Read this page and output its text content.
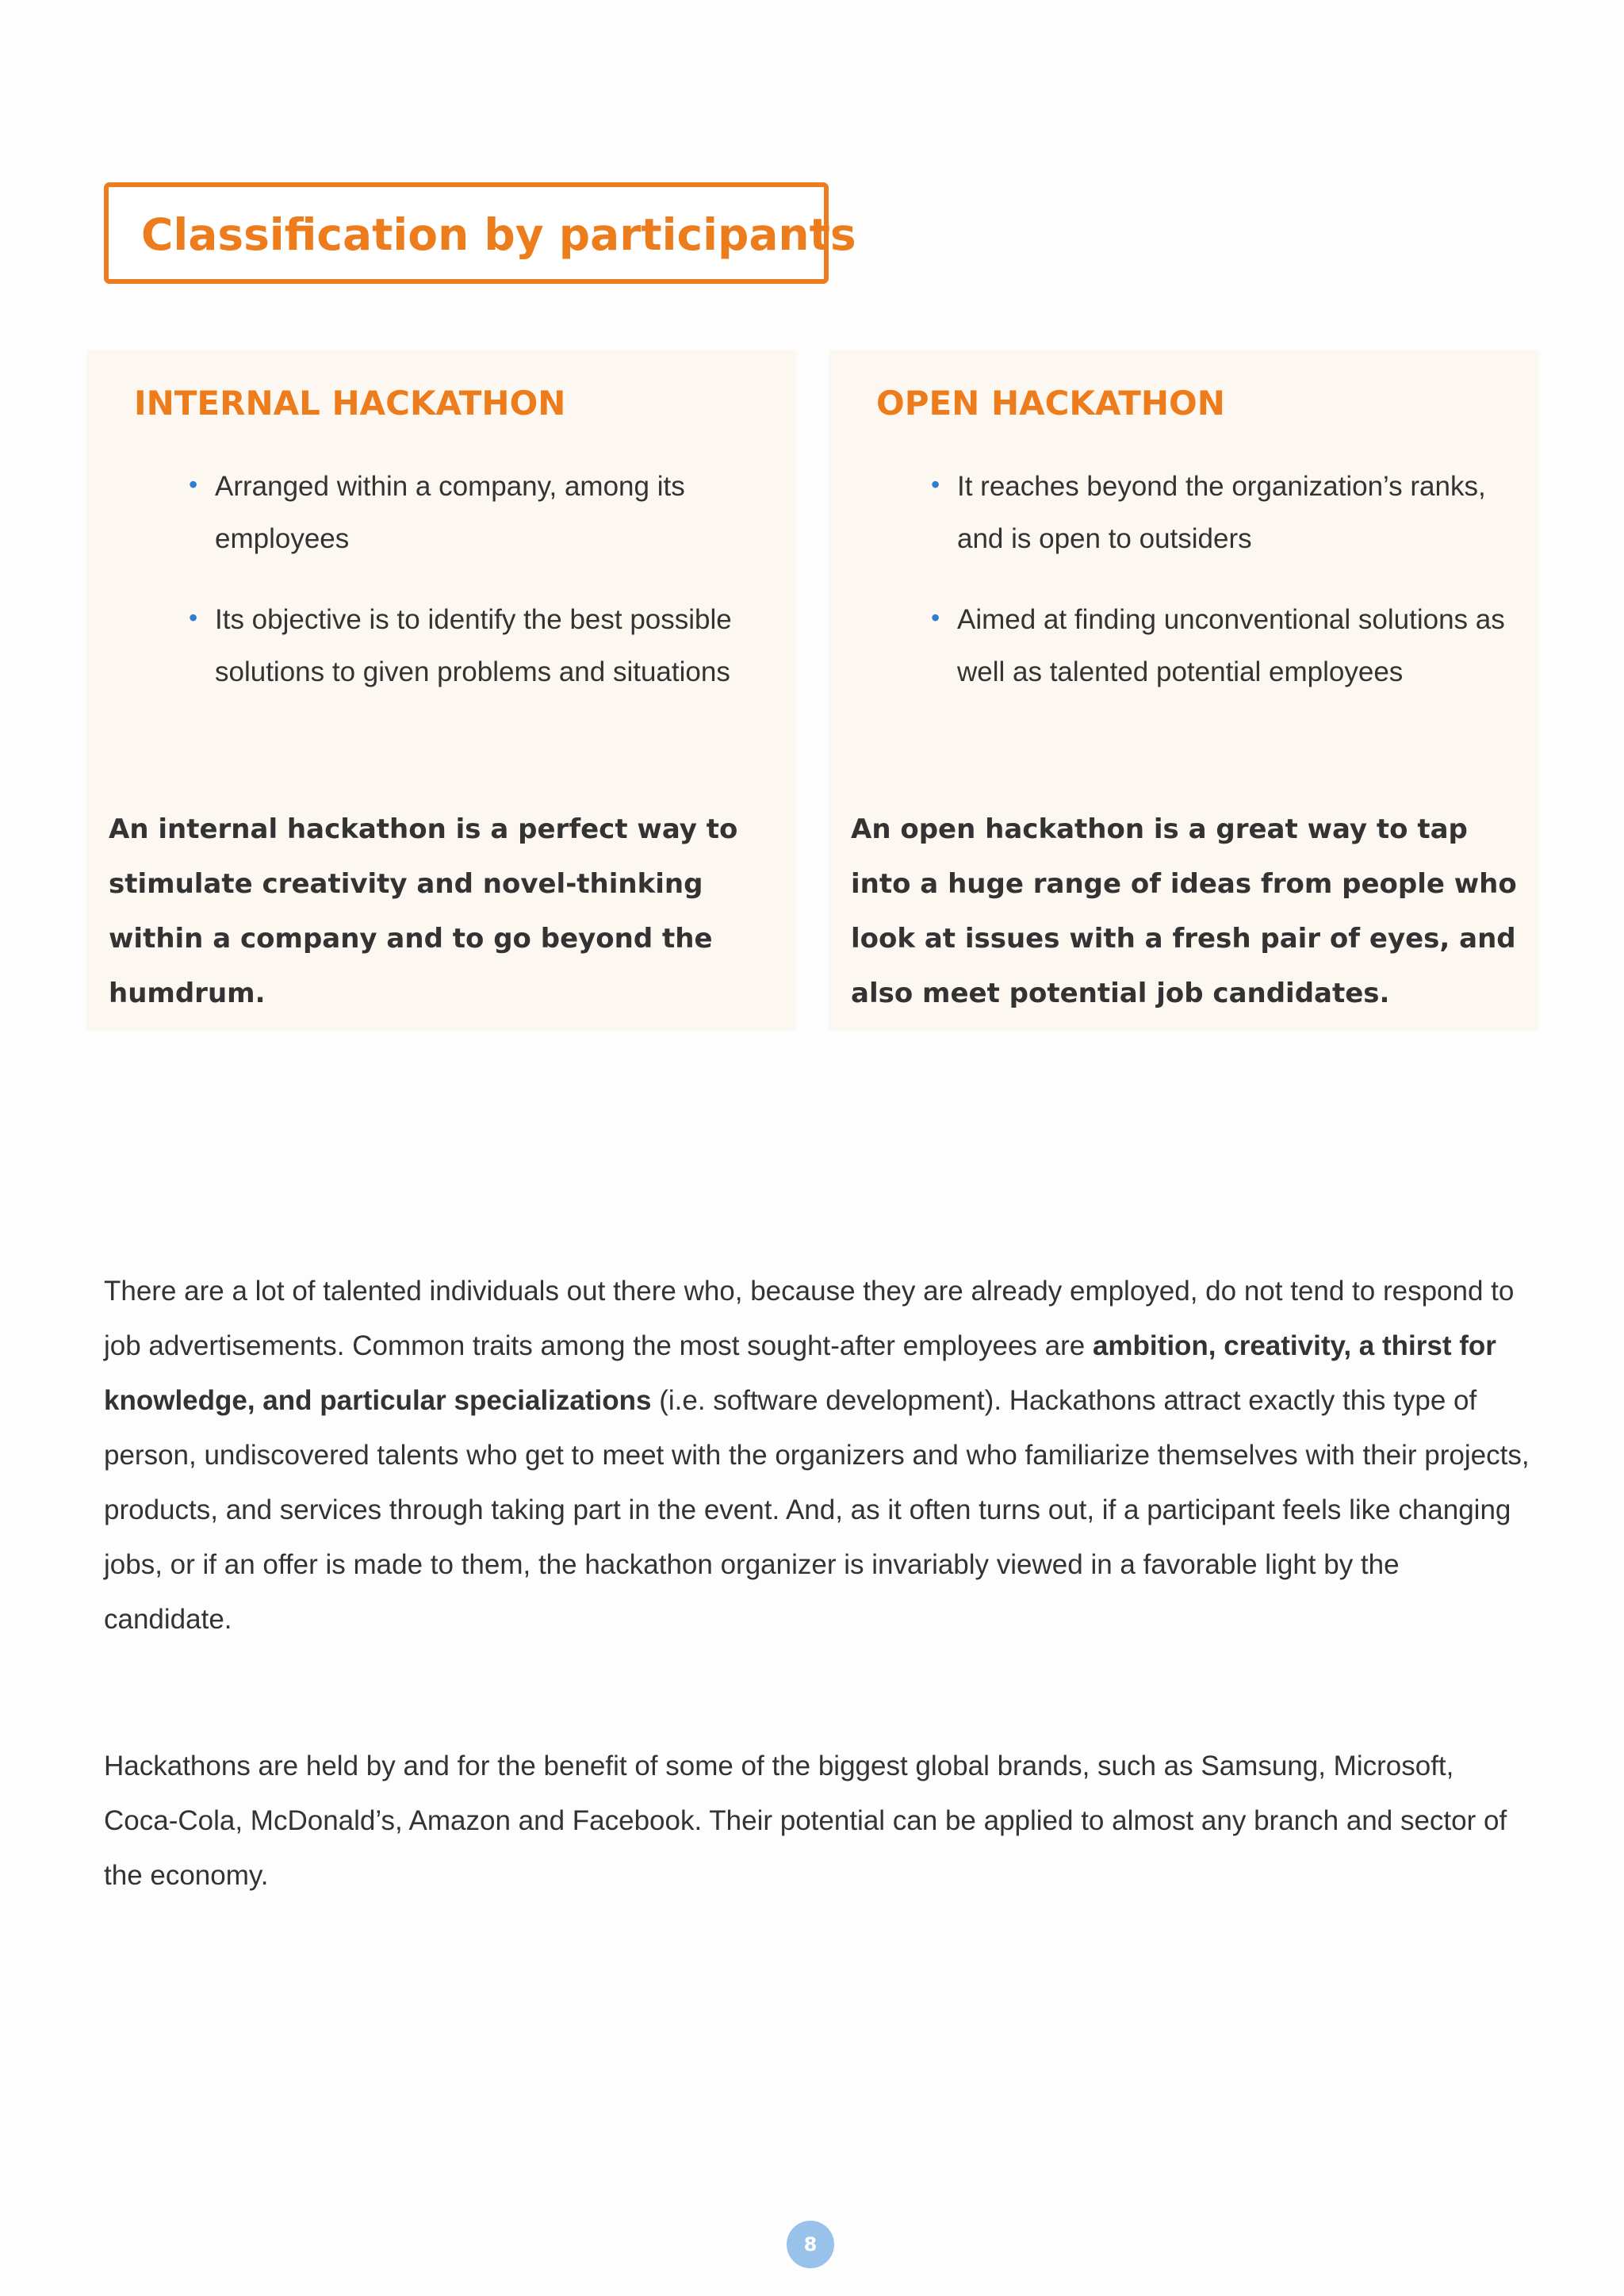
Classification by participants
INTERNAL HACKATHON
• Arranged within a company, among its employees
• Its objective is to identify the best possible solutions to given problems and situations

An internal hackathon is a perfect way to stimulate creativity and novel-thinking within a company and to go beyond the humdrum.

OPEN HACKATHON
• It reaches beyond the organization’s ranks, and is open to outsiders
• Aimed at finding unconventional solutions as well as talented potential employees

An open hackathon is a great way to tap into a huge range of ideas from people who look at issues with a fresh pair of eyes, and also meet potential job candidates.

There are a lot of talented individuals out there who, because they are already employed, do not tend to respond to job advertisements. Common traits among the most sought-after employees are ambition, creativity, a thirst for knowledge, and particular specializations (i.e. software development). Hackathons attract exactly this type of person, undiscovered talents who get to meet with the organizers and who familiarize themselves with their projects, products, and services through taking part in the event. And, as it often turns out, if a participant feels like changing jobs, or if an offer is made to them, the hackathon organizer is invariably viewed in a favorable light by the candidate.

Hackathons are held by and for the benefit of some of the biggest global brands, such as Samsung, Microsoft, Coca-Cola, McDonald’s, Amazon and Facebook. Their potential can be applied to almost any branch and sector of the economy.

8
